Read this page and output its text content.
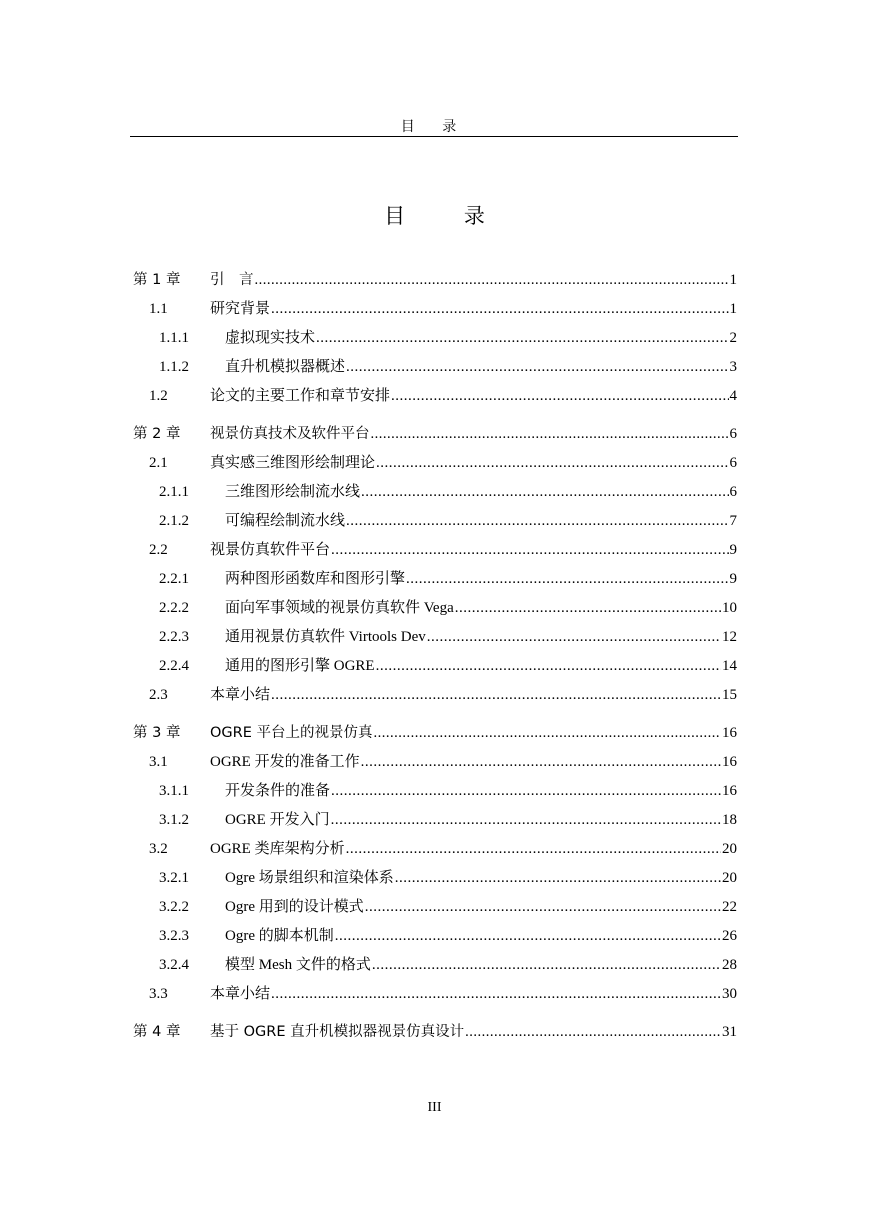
目 录
目 录
第 1 章	引　言 .....	1
1.1	研究背景 .....	1
1.1.1	虚拟现实技术 .....	2
1.1.2	直升机模拟器概述 .....	3
1.2	论文的主要工作和章节安排 .....	4
第 2 章	视景仿真技术及软件平台 .....	6
2.1	真实感三维图形绘制理论 .....	6
2.1.1	三维图形绘制流水线 .....	6
2.1.2	可编程绘制流水线 .....	7
2.2	视景仿真软件平台 .....	9
2.2.1	两种图形函数库和图形引擎 .....	9
2.2.2	面向军事领域的视景仿真软件 Vega .....	10
2.2.3	通用视景仿真软件 Virtools Dev .....	12
2.2.4	通用的图形引擎 OGRE .....	14
2.3	本章小结 .....	15
第 3 章	OGRE 平台上的视景仿真 .....	16
3.1	OGRE 开发的准备工作 .....	16
3.1.1	开发条件的准备 .....	16
3.1.2	OGRE 开发入门 .....	18
3.2	OGRE 类库架构分析 .....	20
3.2.1	Ogre 场景组织和渲染体系 .....	20
3.2.2	Ogre 用到的设计模式 .....	22
3.2.3	Ogre 的脚本机制 .....	26
3.2.4	模型 Mesh 文件的格式 .....	28
3.3	本章小结 .....	30
第 4 章	基于 OGRE 直升机模拟器视景仿真设计 .....	31
III
